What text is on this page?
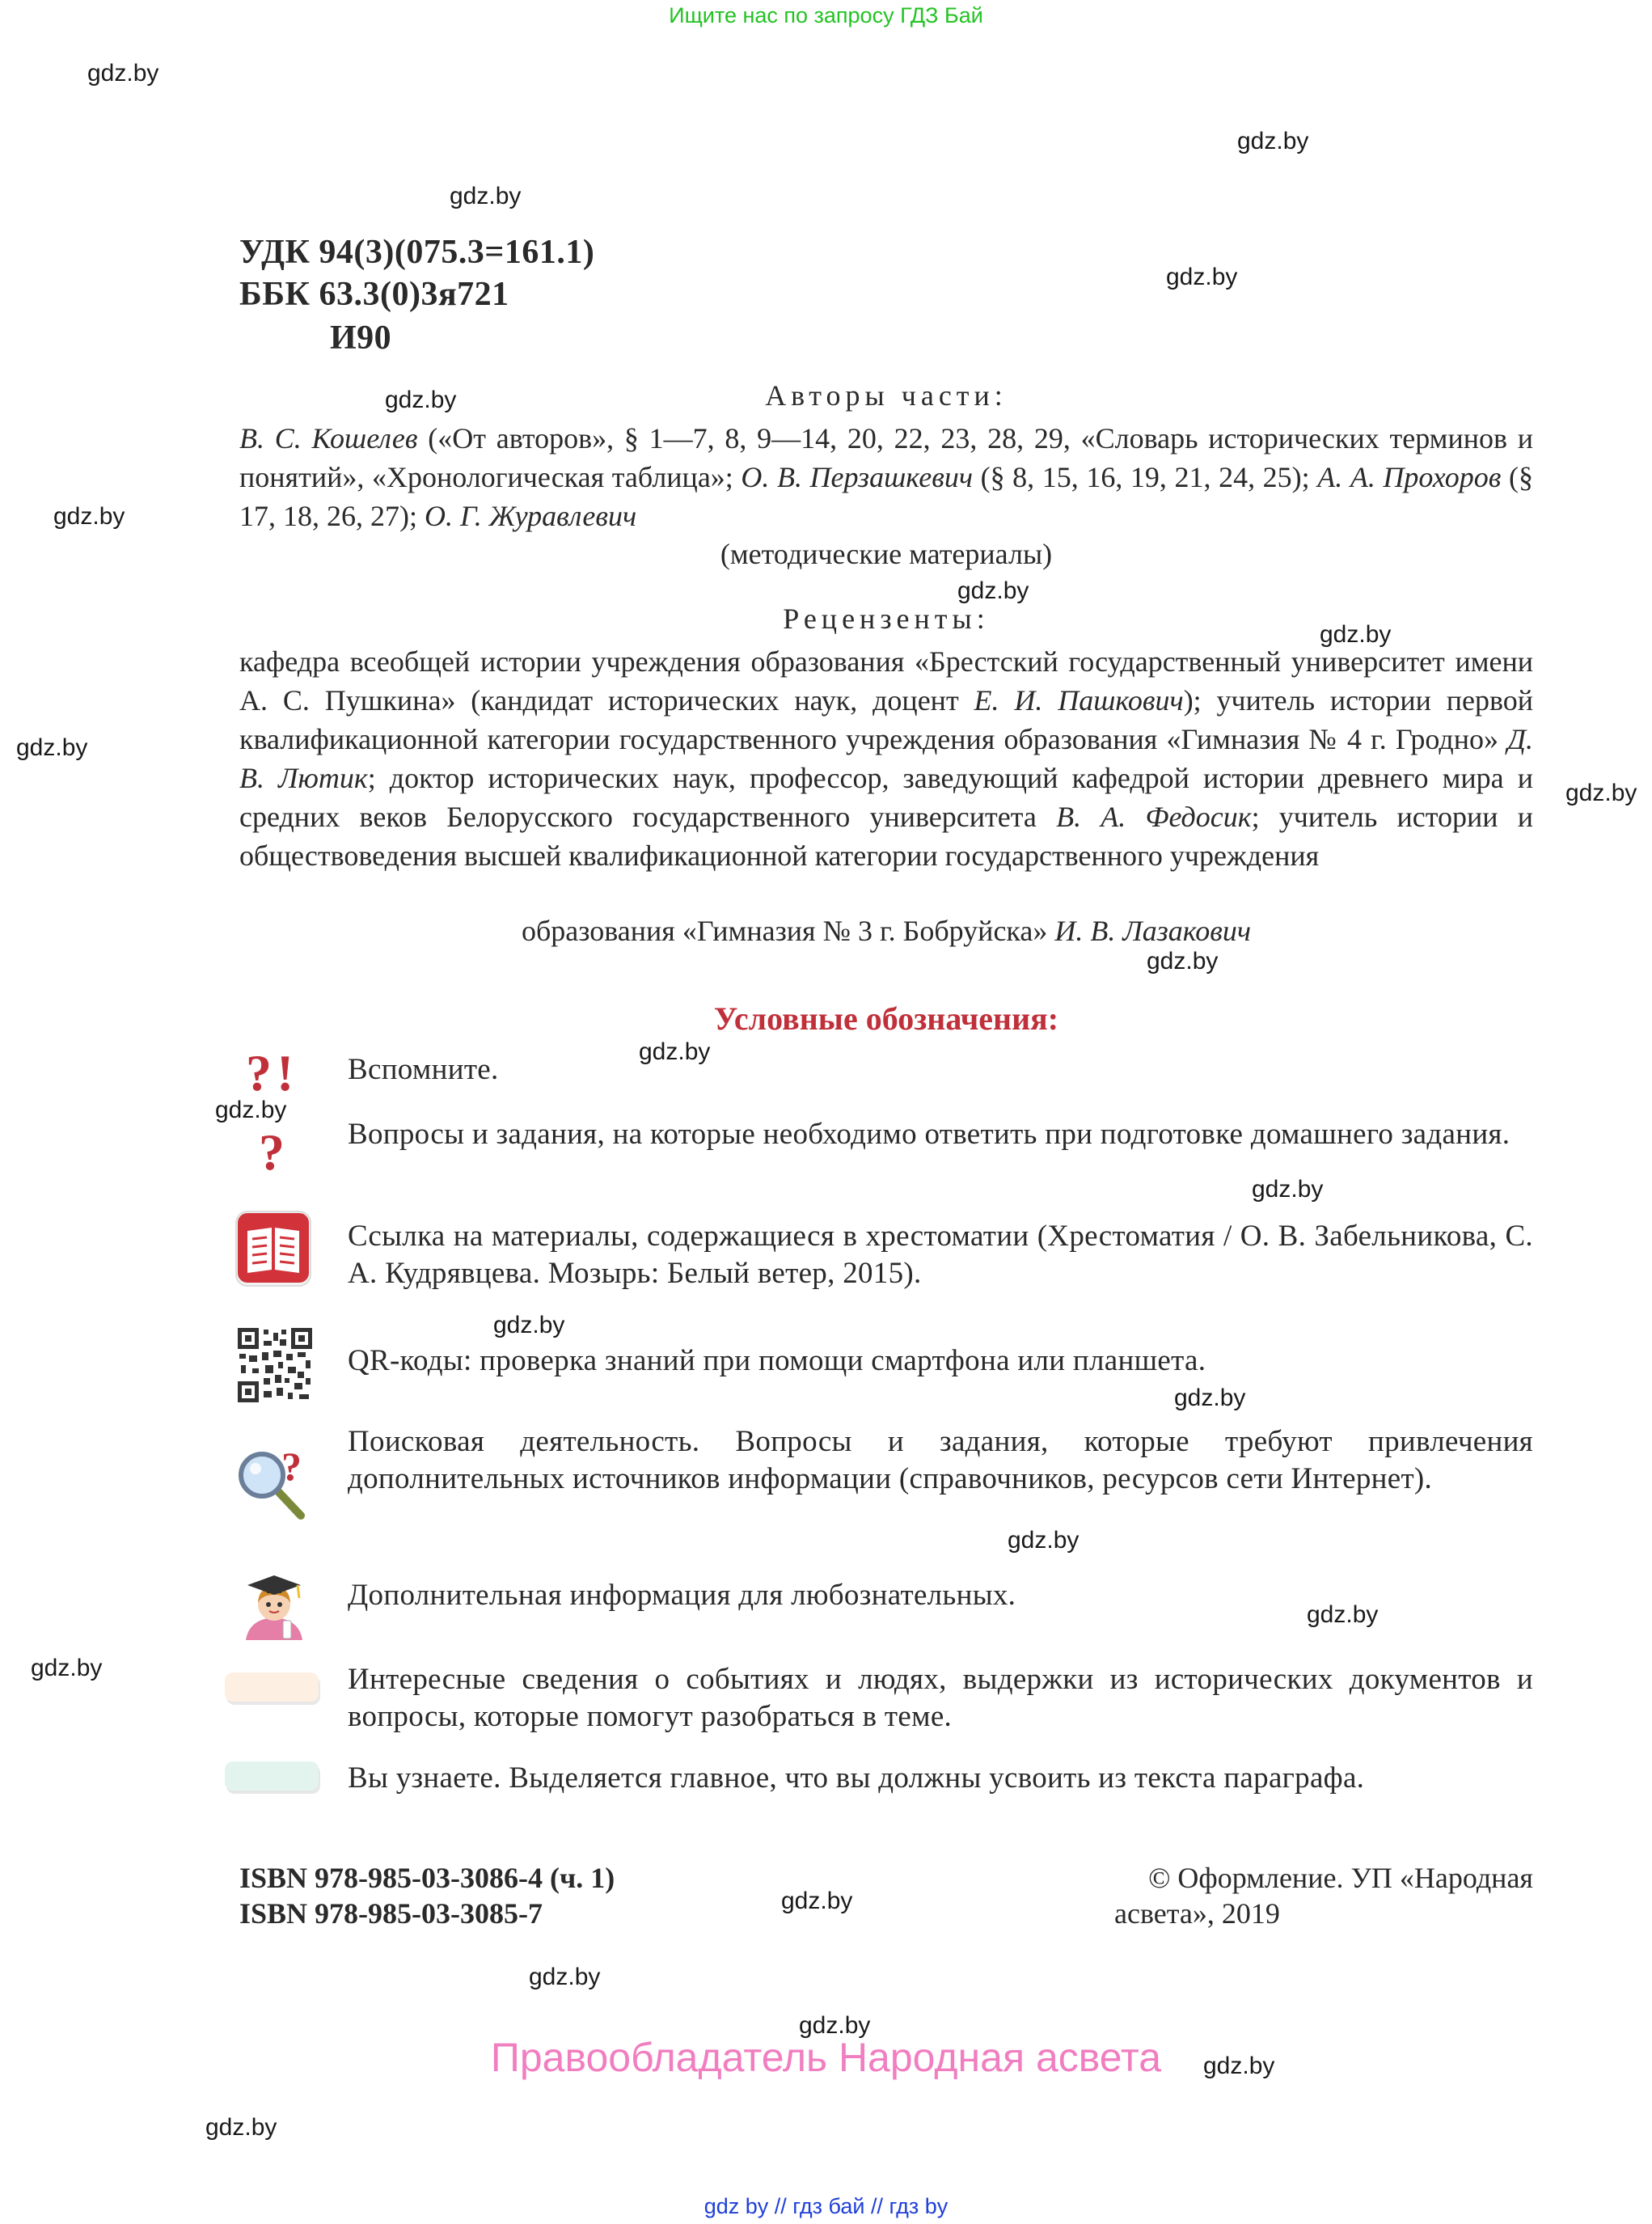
Ищите нас по запросу ГДЗ Бай
gdz.by
gdz.by
gdz.by
gdz.by
gdz.by
gdz.by
gdz.by
gdz.by
gdz.by
gdz.by
gdz.by
gdz.by
gdz.by
gdz.by
gdz.by
gdz.by
gdz.by
gdz.by
gdz.by
gdz.by
gdz.by
gdz.by
gdz.by
gdz.by
УДК 94(3)(075.3=161.1)
ББК 63.3(0)3я721
И90
Авторы части:
В. С. Кошелев («От авторов», § 1—7, 8, 9—14, 20, 22, 23, 28, 29, «Словарь исторических терминов и понятий», «Хронологическая таблица»; О. В. Перзашкевич (§ 8, 15, 16, 19, 21, 24, 25); А. А. Прохоров (§ 17, 18, 26, 27); О. Г. Журавлевич
(методические материалы)
Рецензенты:
кафедра всеобщей истории учреждения образования «Брестский государственный университет имени А. С. Пушкина» (кандидат исторических наук, доцент Е. И. Пашкович); учитель истории первой квалификационной категории государственного учреждения образования «Гимназия № 4 г. Гродно» Д. В. Лютик; доктор исторических наук, профессор, заведующий кафедрой истории древнего мира и средних веков Белорусского государственного университета В. А. Федосик; учитель истории и обществоведения высшей квалификационной категории государственного учреждения
образования «Гимназия № 3 г. Бобруйска» И. В. Лазакович
Условные обозначения:
? ! Вспомните.
? Вопросы и задания, на которые необходимо ответить при подготовке домашнего задания.
Ссылка на материалы, содержащиеся в хрестоматии (Хрестоматия / О. В. Забельникова, С. А. Кудрявцева. Мозырь: Белый ветер, 2015).
QR-коды: проверка знаний при помощи смартфона или планшета.
?
Поисковая деятельность. Вопросы и задания, которые требуют привлечения дополнительных источников информации (справочников, ресурсов сети Интернет).
Дополнительная информация для любознательных.
Интересные сведения о событиях и людях, выдержки из исторических документов и вопросы, которые помогут разобраться в теме.
Вы узнаете. Выделяется главное, что вы должны усвоить из текста параграфа.
ISBN 978-985-03-3086-4 (ч. 1)
ISBN 978-985-03-3085-7
© Оформление. УП «Народная
асвета», 2019
Правообладатель Народная асвета
gdz by // гдз бай // гдз by
